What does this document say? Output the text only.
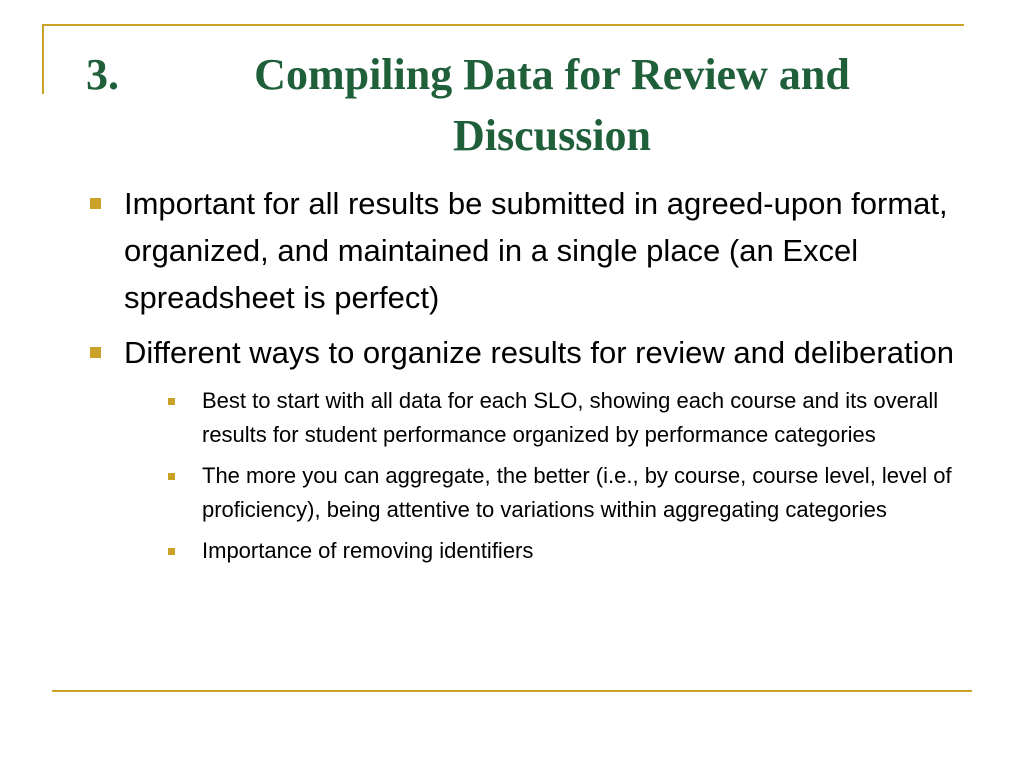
3.	Compiling Data for Review and Discussion
Important for all results be submitted in agreed-upon format, organized, and maintained in a single place (an Excel spreadsheet is perfect)
Different ways to organize results for review and deliberation
Best to start with all data for each SLO, showing each course and its overall results for student performance organized by performance categories
The more you can aggregate, the better (i.e., by course, course level, level of proficiency), being attentive to variations within aggregating categories
Importance of removing identifiers
